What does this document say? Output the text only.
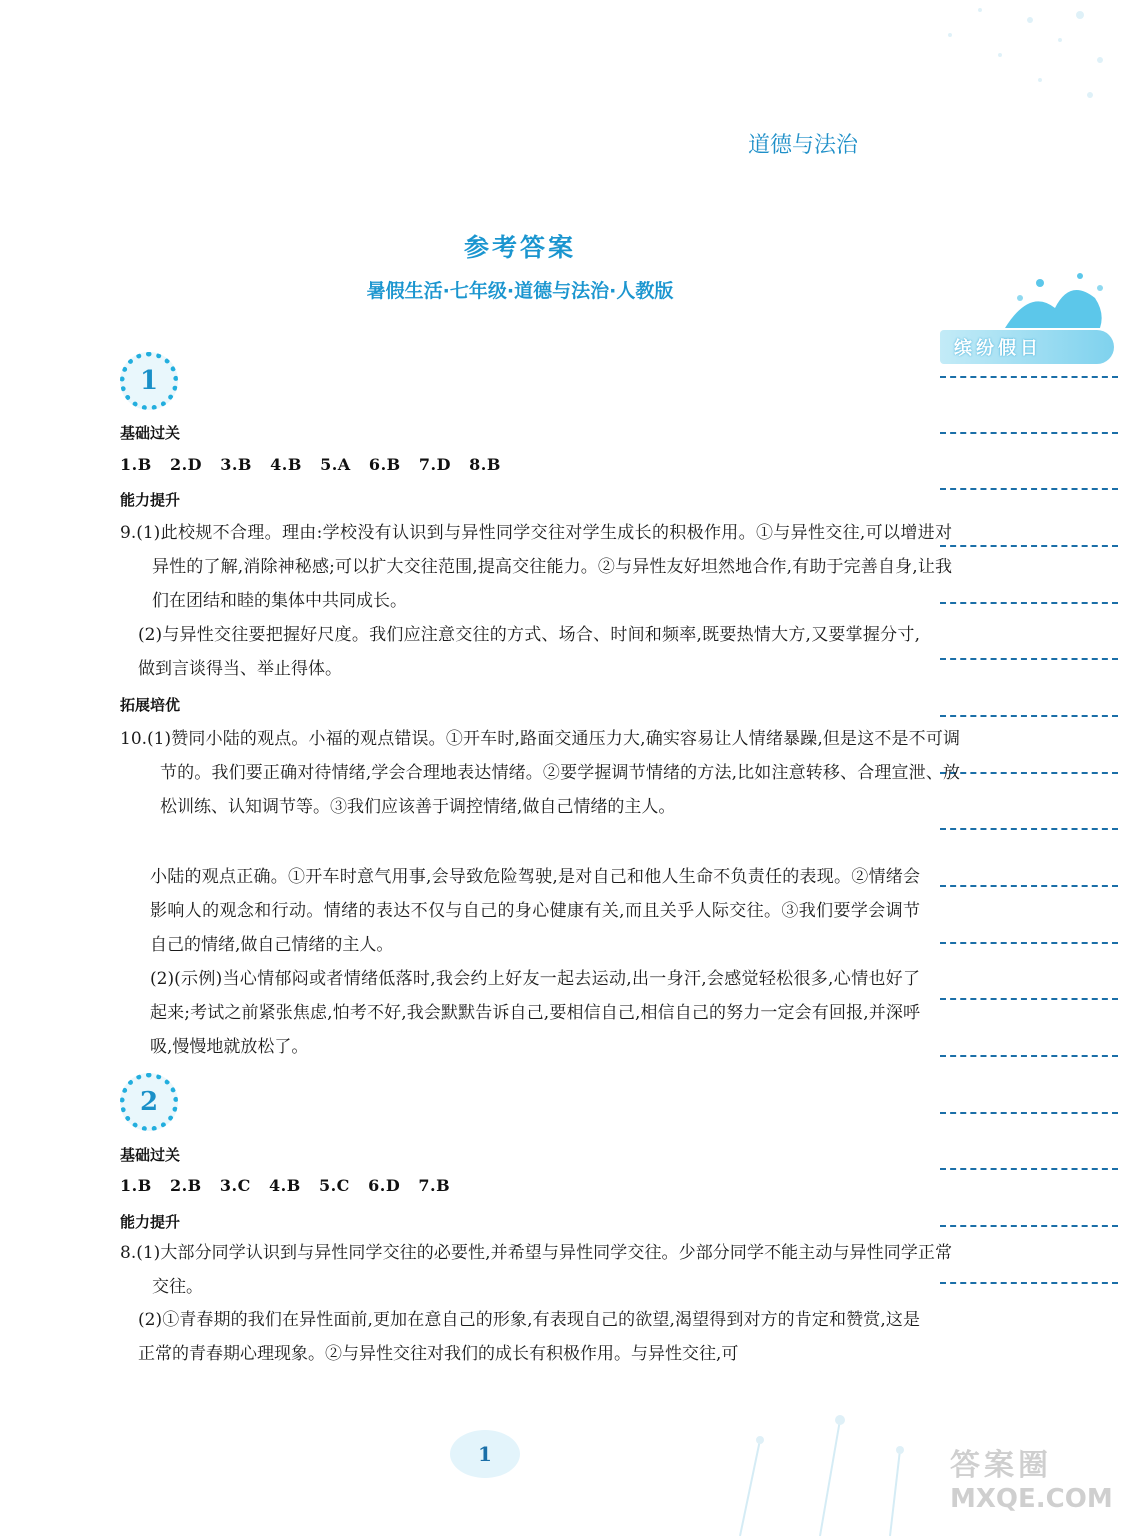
道德与法治
参考答案
暑假生活·七年级·道德与法治·人教版
缤纷假日
1
基础过关
1.B   2.D   3.B   4.B   5.A   6.B   7.D   8.B
能力提升
9.(1)此校规不合理。理由:学校没有认识到与异性同学交往对学生成长的积极作用。①与异性交往,可以增进对异性的了解,消除神秘感;可以扩大交往范围,提高交往能力。②与异性友好坦然地合作,有助于完善自身,让我们在团结和睦的集体中共同成长。
(2)与异性交往要把握好尺度。我们应注意交往的方式、场合、时间和频率,既要热情大方,又要掌握分寸,做到言谈得当、举止得体。
拓展培优
10.(1)赞同小陆的观点。小福的观点错误。①开车时,路面交通压力大,确实容易让人情绪暴躁,但是这不是不可调节的。我们要正确对待情绪,学会合理地表达情绪。②要学握调节情绪的方法,比如注意转移、合理宣泄、放松训练、认知调节等。③我们应该善于调控情绪,做自己情绪的主人。
小陆的观点正确。①开车时意气用事,会导致危险驾驶,是对自己和他人生命不负责任的表现。②情绪会影响人的观念和行动。情绪的表达不仅与自己的身心健康有关,而且关乎人际交往。③我们要学会调节自己的情绪,做自己情绪的主人。
(2)(示例)当心情郁闷或者情绪低落时,我会约上好友一起去运动,出一身汗,会感觉轻松很多,心情也好了起来;考试之前紧张焦虑,怕考不好,我会默默告诉自己,要相信自己,相信自己的努力一定会有回报,并深呼吸,慢慢地就放松了。
2
基础过关
1.B   2.B   3.C   4.B   5.C   6.D   7.B
能力提升
8.(1)大部分同学认识到与异性同学交往的必要性,并希望与异性同学交往。少部分同学不能主动与异性同学正常交往。
(2)①青春期的我们在异性面前,更加在意自己的形象,有表现自己的欲望,渴望得到对方的肯定和赞赏,这是正常的青春期心理现象。②与异性交往对我们的成长有积极作用。与异性交往,可
1	答案圈
MXQE.COM
